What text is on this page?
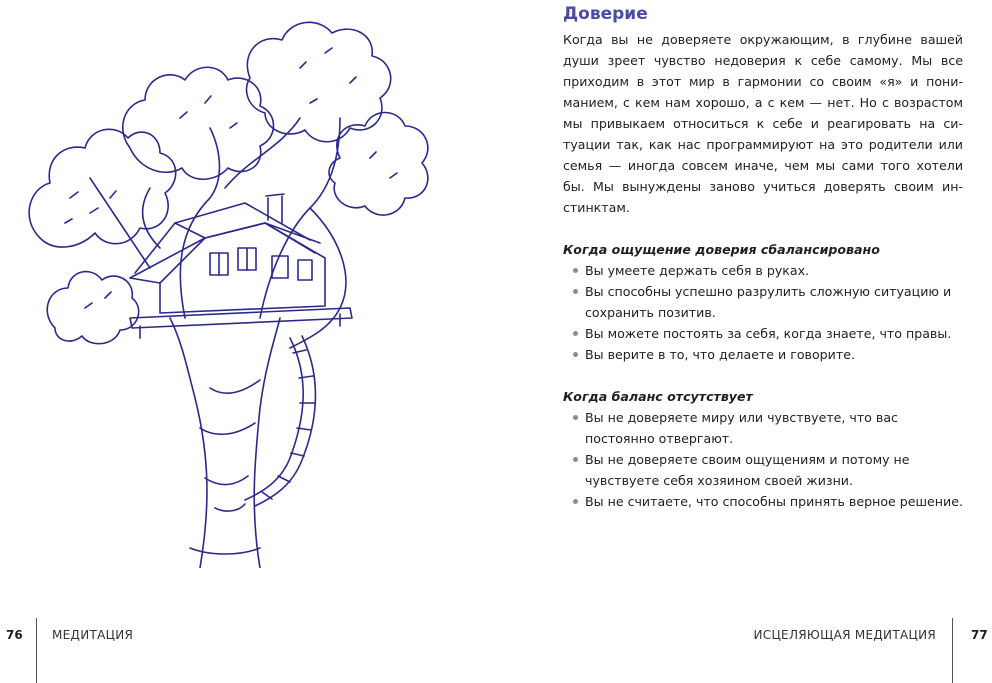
Доверие

Когда вы не доверяете окружающим, в глубине вашей души зреет чувство недоверия к себе самому. Мы все приходим в этот мир в гармонии со своим «я» и пониманием, с кем нам хорошо, а с кем — нет. Но с возрастом мы привыкаем относиться к себе и реагировать на ситуации так, как нас программируют на это родители или семья — иногда совсем иначе, чем мы сами того хотели бы. Мы вынуждены заново учиться доверять своим инстинктам.

Когда ощущение доверия сбалансировано

Вы умеете держать себя в руках.
Вы способны успешно разрулить сложную ситуацию и сохранить позитив.
Вы можете постоять за себя, когда знаете, что правы.
Вы верите в то, что делаете и говорите.

Когда баланс отсутствует

Вы не доверяете миру или чувствуете, что вас постоянно отвергают.
Вы не доверяете своим ощущениям и потому не чувствуете себя хозяином своей жизни.
Вы не считаете, что способны принять верное решение.
76 МЕДИТАЦИЯ	ИСЦЕЛЯЮЩАЯ МЕДИТАЦИЯ	77
